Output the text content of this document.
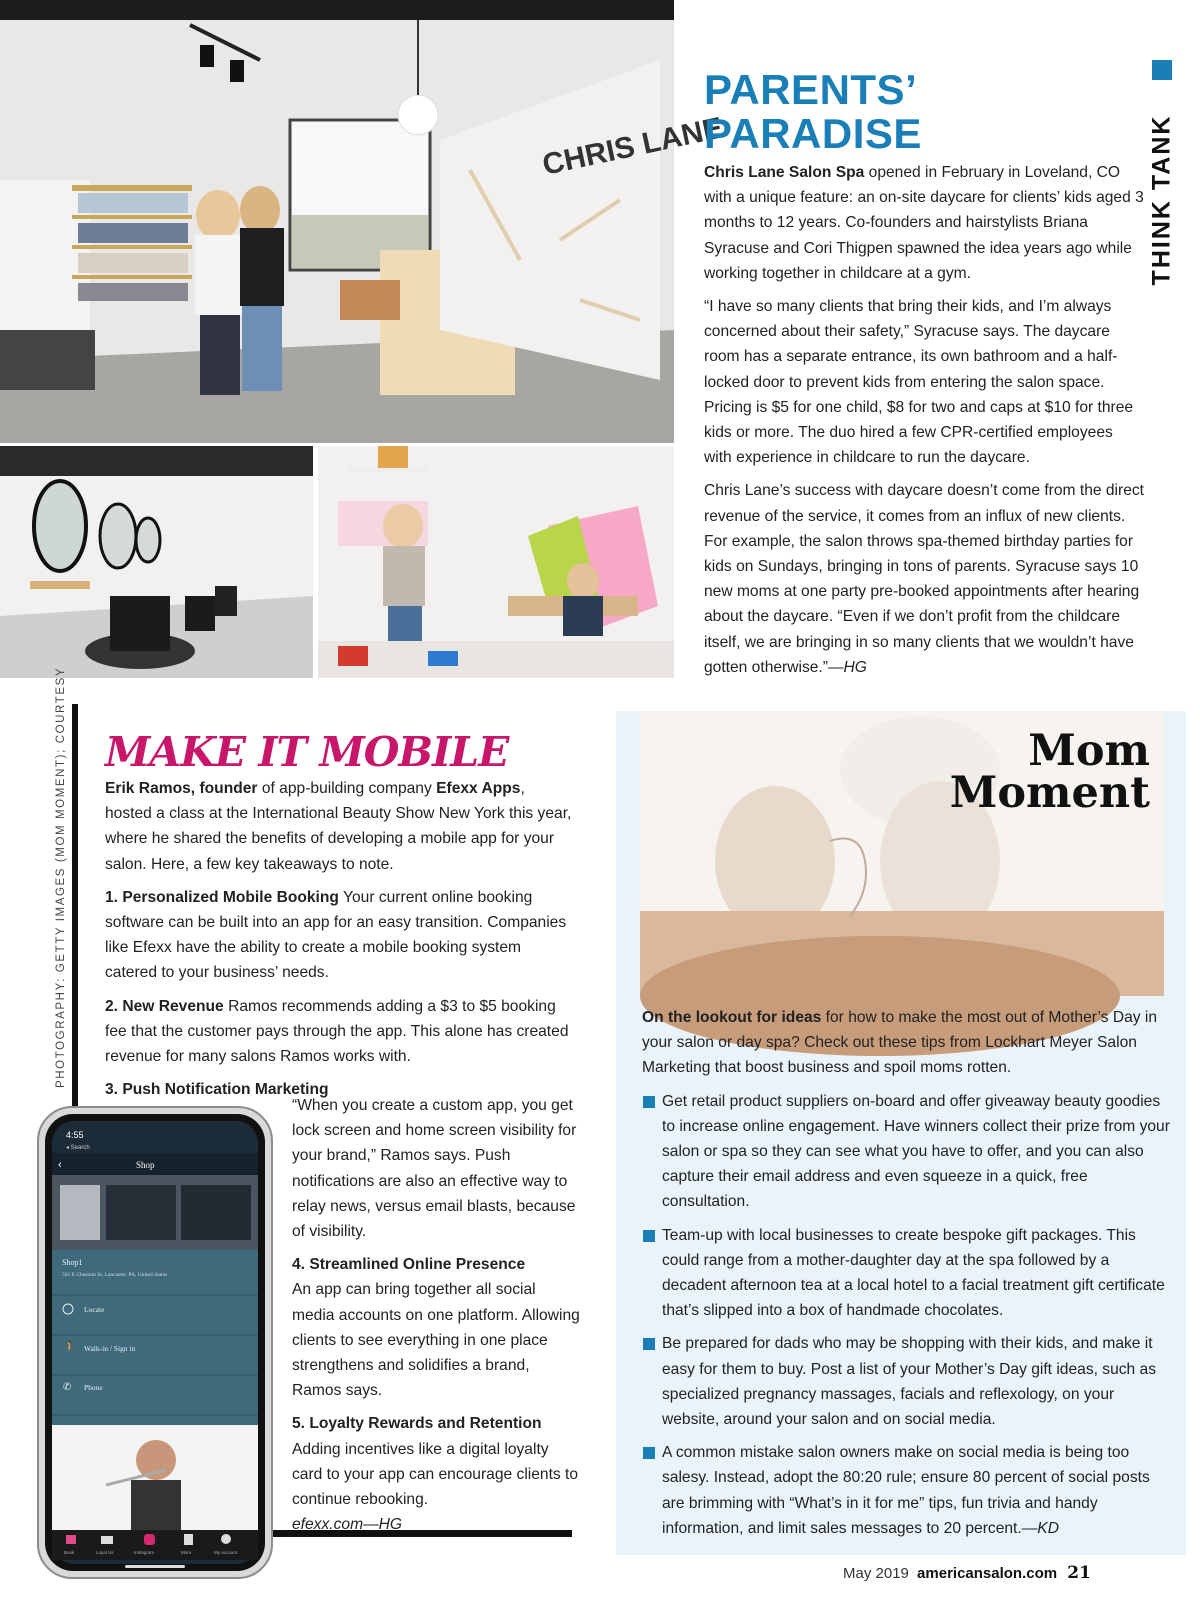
CHRIS LANE	THINK TANK
PARENTS’ PARADISE

Chris Lane Salon Spa opened in February in Loveland, CO with a unique feature: an on-site daycare for clients’ kids aged 3 months to 12 years. Co-founders and hairstylists Briana Syracuse and Cori Thigpen spawned the idea years ago while working together in childcare at a gym.

“I have so many clients that bring their kids, and I’m always concerned about their safety,” Syracuse says. The daycare room has a separate entrance, its own bathroom and a half-locked door to prevent kids from entering the salon space. Pricing is $5 for one child, $8 for two and caps at $10 for three kids or more. The duo hired a few CPR-certified employees with experience in childcare to run the daycare.

Chris Lane’s success with daycare doesn’t come from the direct revenue of the service, it comes from an influx of new clients. For example, the salon throws spa-themed birthday parties for kids on Sundays, bringing in tons of parents. Syracuse says 10 new moms at one party pre-booked appointments after hearing about the daycare. “Even if we don’t profit from the childcare itself, we are bringing in so many clients that we wouldn’t have gotten otherwise.”—HG

PHOTOGRAPHY: GETTY IMAGES (MOM MOMENT); COURTESY MAKE IT MOBILE

Erik Ramos, founder of app-building company Efexx Apps, hosted a class at the International Beauty Show New York this year, where he shared the benefits of developing a mobile app for your salon. Here, a few key takeaways to note.

1. Personalized Mobile Booking Your current online booking software can be built into an app for an easy transition. Companies like Efexx have the ability to create a mobile booking system catered to your business’ needs.

2. New Revenue Ramos recommends adding a $3 to $5 booking fee that the customer pays through the app. This alone has created revenue for many salons Ramos works with.

3. Push Notification Marketing

“When you create a custom app, you get lock screen and home screen visibility for your brand,” Ramos says. Push notifications are also an effective way to relay news, versus email blasts, because of visibility.

4. Streamlined Online Presence

An app can bring together all social media accounts on one platform. Allowing clients to see everything in one place strengthens and solidifies a brand, Ramos says.

5. Loyalty Rewards and Retention

Adding incentives like a digital loyalty card to your app can encourage clients to continue rebooking.

efexx.com—HG

4:55
◂ Search
‹	Shop
Shop1
501 E Chestnut St, Lancaster, PA, United States
Locate
🚶 Walk-in / Sign in
✆ Phone
Book	Loyal Us	Instagram	More	My account
Mom
Moment

On the lookout for ideas for how to make the most out of Mother’s Day in your salon or day spa? Check out these tips from Lockhart Meyer Salon Marketing that boost business and spoil moms rotten.

Get retail product suppliers on-board and offer giveaway beauty goodies to increase online engagement. Have winners collect their prize from your salon or spa so they can see what you have to offer, and you can also capture their email address and even squeeze in a quick, free consultation.

Team-up with local businesses to create bespoke gift packages. This could range from a mother-daughter day at the spa followed by a decadent afternoon tea at a local hotel to a facial treatment gift certificate that’s slipped into a box of handmade chocolates.

Be prepared for dads who may be shopping with their kids, and make it easy for them to buy. Post a list of your Mother’s Day gift ideas, such as specialized pregnancy massages, facials and reflexology, on your website, around your salon and on social media.

A common mistake salon owners make on social media is being too salesy. Instead, adopt the 80:20 rule; ensure 80 percent of social posts are brimming with “What’s in it for me” tips, fun trivia and handy information, and limit sales messages to 20 percent.—KD

May 2019 americansalon.com 21
